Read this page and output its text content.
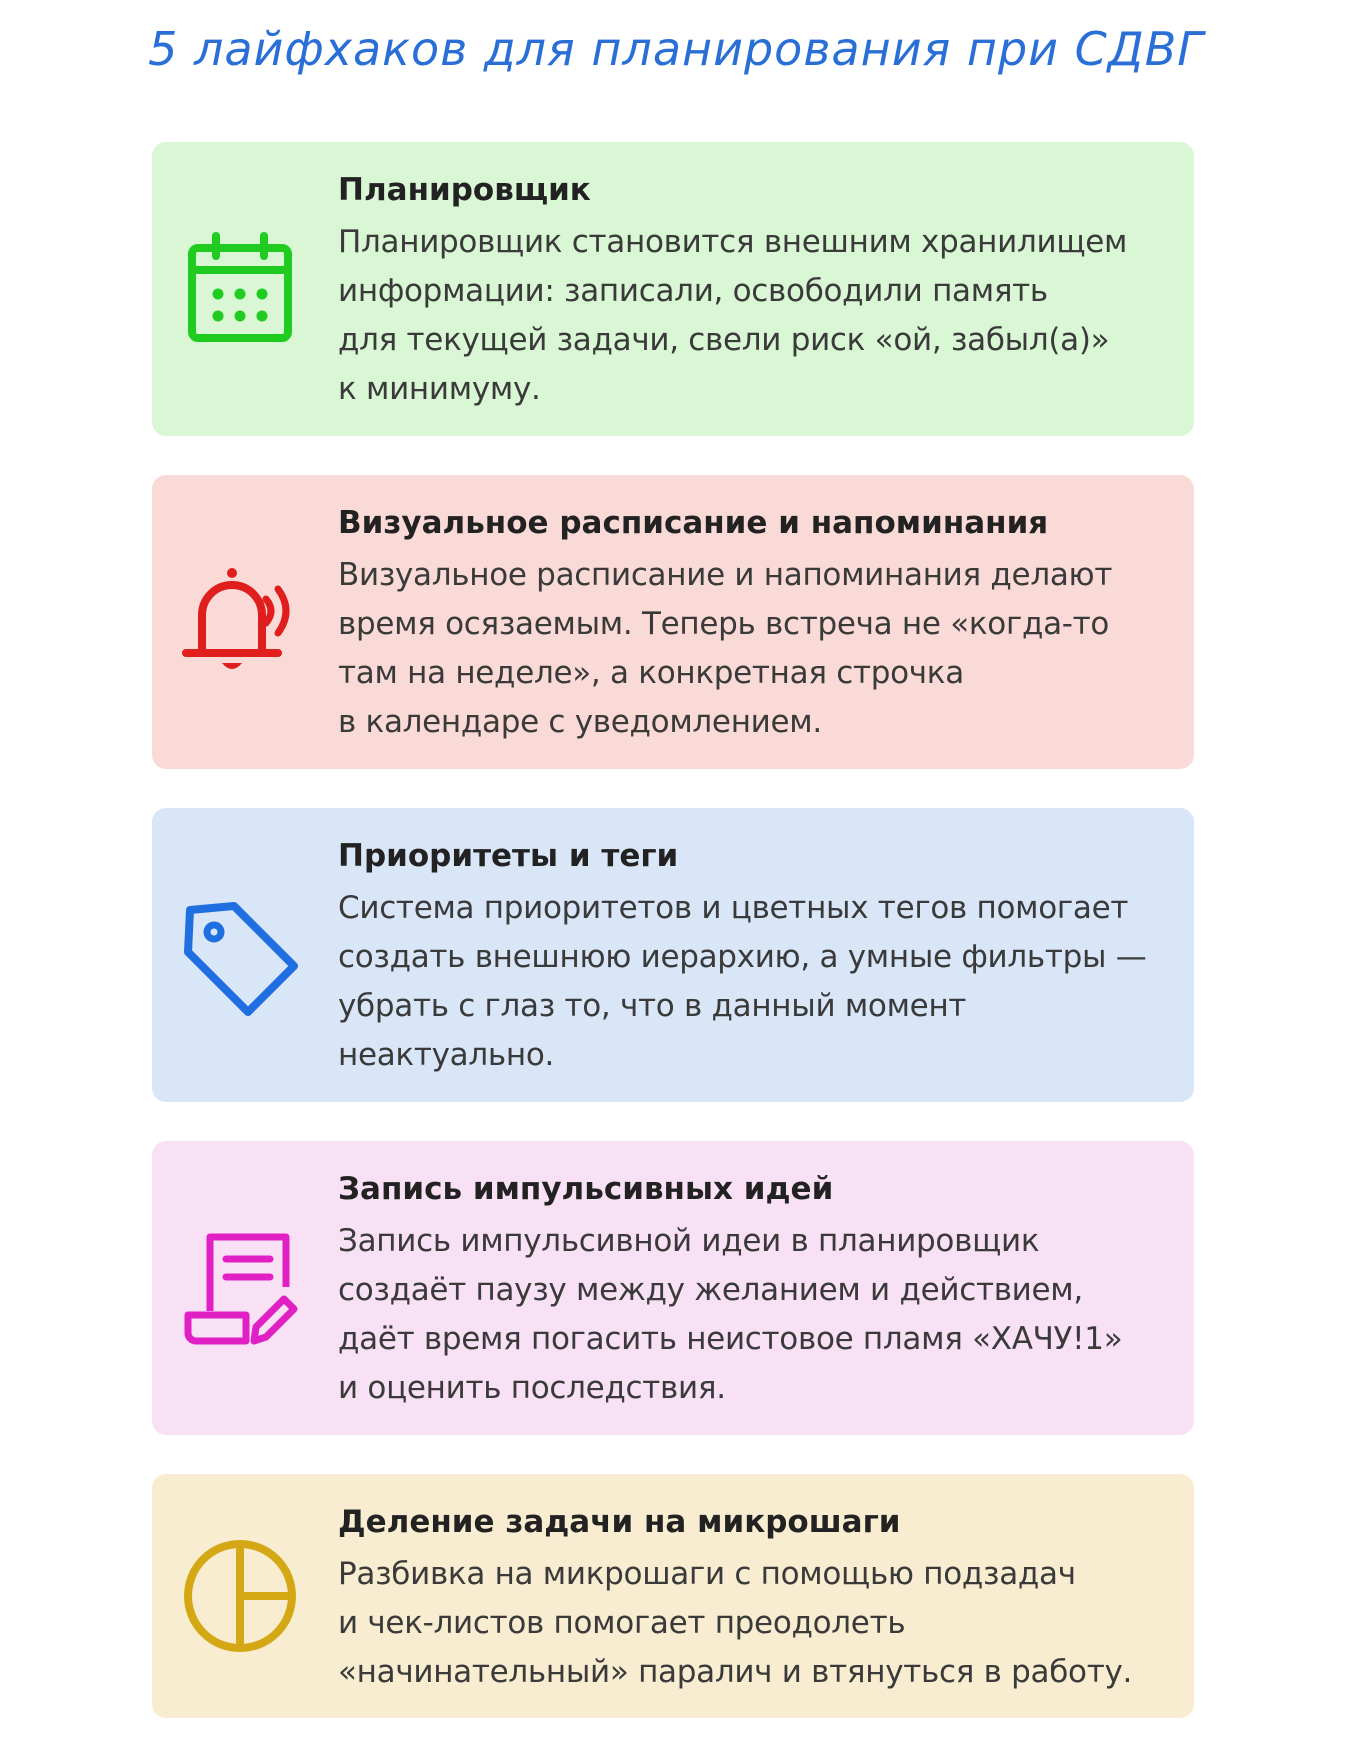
5 лайфхаков для планирования при СДВГ

Планировщик

Планировщик становится внешним хранилищем
информации: записали, освободили память
для текущей задачи, свели риск «ой, забыл(а)»
к минимуму.

Визуальное расписание и напоминания

Визуальное расписание и напоминания делают
время осязаемым. Теперь встреча не «когда-то
там на неделе», а конкретная строчка
в календаре с уведомлением.

Приоритеты и теги

Система приоритетов и цветных тегов помогает
создать внешнюю иерархию, а умные фильтры —
убрать с глаз то, что в данный момент
неактуально.

Запись импульсивных идей

Запись импульсивной идеи в планировщик
создаёт паузу между желанием и действием,
даёт время погасить неистовое пламя «ХАЧУ!1»
и оценить последствия.

Деление задачи на микрошаги

Разбивка на микрошаги с помощью подзадач
и чек-листов помогает преодолеть
«начинательный» паралич и втянуться в работу.
